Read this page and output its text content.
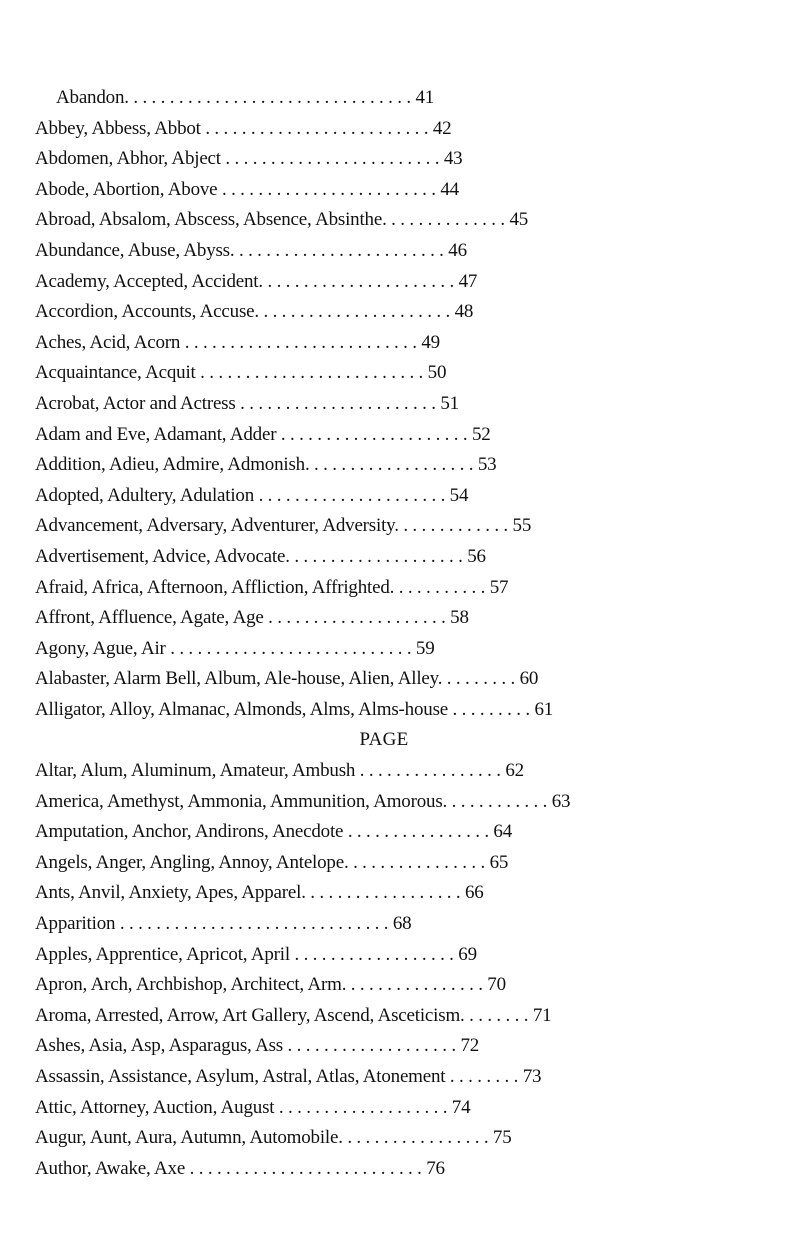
Abandon. . . . . . . . . . . . . . . . . . . . . . . . . . . . . . . . 41
Abbey, Abbess, Abbot . . . . . . . . . . . . . . . . . . . . . . . . . 42
Abdomen, Abhor, Abject . . . . . . . . . . . . . . . . . . . . . . . . 43
Abode, Abortion, Above . . . . . . . . . . . . . . . . . . . . . . . . 44
Abroad, Absalom, Abscess, Absence, Absinthe. . . . . . . . . . . . . . 45
Abundance, Abuse, Abyss. . . . . . . . . . . . . . . . . . . . . . . . 46
Academy, Accepted, Accident. . . . . . . . . . . . . . . . . . . . . . 47
Accordion, Accounts, Accuse. . . . . . . . . . . . . . . . . . . . . . 48
Aches, Acid, Acorn . . . . . . . . . . . . . . . . . . . . . . . . . . 49
Acquaintance, Acquit . . . . . . . . . . . . . . . . . . . . . . . . . 50
Acrobat, Actor and Actress . . . . . . . . . . . . . . . . . . . . . . 51
Adam and Eve, Adamant, Adder . . . . . . . . . . . . . . . . . . . . . 52
Addition, Adieu, Admire, Admonish. . . . . . . . . . . . . . . . . . . 53
Adopted, Adultery, Adulation . . . . . . . . . . . . . . . . . . . . . 54
Advancement, Adversary, Adventurer, Adversity. . . . . . . . . . . . . 55
Advertisement, Advice, Advocate. . . . . . . . . . . . . . . . . . . . 56
Afraid, Africa, Afternoon, Affliction, Affrighted. . . . . . . . . . . 57
Affront, Affluence, Agate, Age . . . . . . . . . . . . . . . . . . . . 58
Agony, Ague, Air . . . . . . . . . . . . . . . . . . . . . . . . . . . 59
Alabaster, Alarm Bell, Album, Ale-house, Alien, Alley. . . . . . . . . 60
Alligator, Alloy, Almanac, Almonds, Alms, Alms-house . . . . . . . . . 61
PAGE
Altar, Alum, Aluminum, Amateur, Ambush . . . . . . . . . . . . . . . . 62
America, Amethyst, Ammonia, Ammunition, Amorous. . . . . . . . . . . . 63
Amputation, Anchor, Andirons, Anecdote . . . . . . . . . . . . . . . . 64
Angels, Anger, Angling, Annoy, Antelope. . . . . . . . . . . . . . . . 65
Ants, Anvil, Anxiety, Apes, Apparel. . . . . . . . . . . . . . . . . . 66
Apparition . . . . . . . . . . . . . . . . . . . . . . . . . . . . . . 68
Apples, Apprentice, Apricot, April . . . . . . . . . . . . . . . . . . 69
Apron, Arch, Archbishop, Architect, Arm. . . . . . . . . . . . . . . . 70
Aroma, Arrested, Arrow, Art Gallery, Ascend, Asceticism. . . . . . . . 71
Ashes, Asia, Asp, Asparagus, Ass . . . . . . . . . . . . . . . . . . . 72
Assassin, Assistance, Asylum, Astral, Atlas, Atonement . . . . . . . . 73
Attic, Attorney, Auction, August . . . . . . . . . . . . . . . . . . . 74
Augur, Aunt, Aura, Autumn, Automobile. . . . . . . . . . . . . . . . . 75
Author, Awake, Axe . . . . . . . . . . . . . . . . . . . . . . . . . . 76
